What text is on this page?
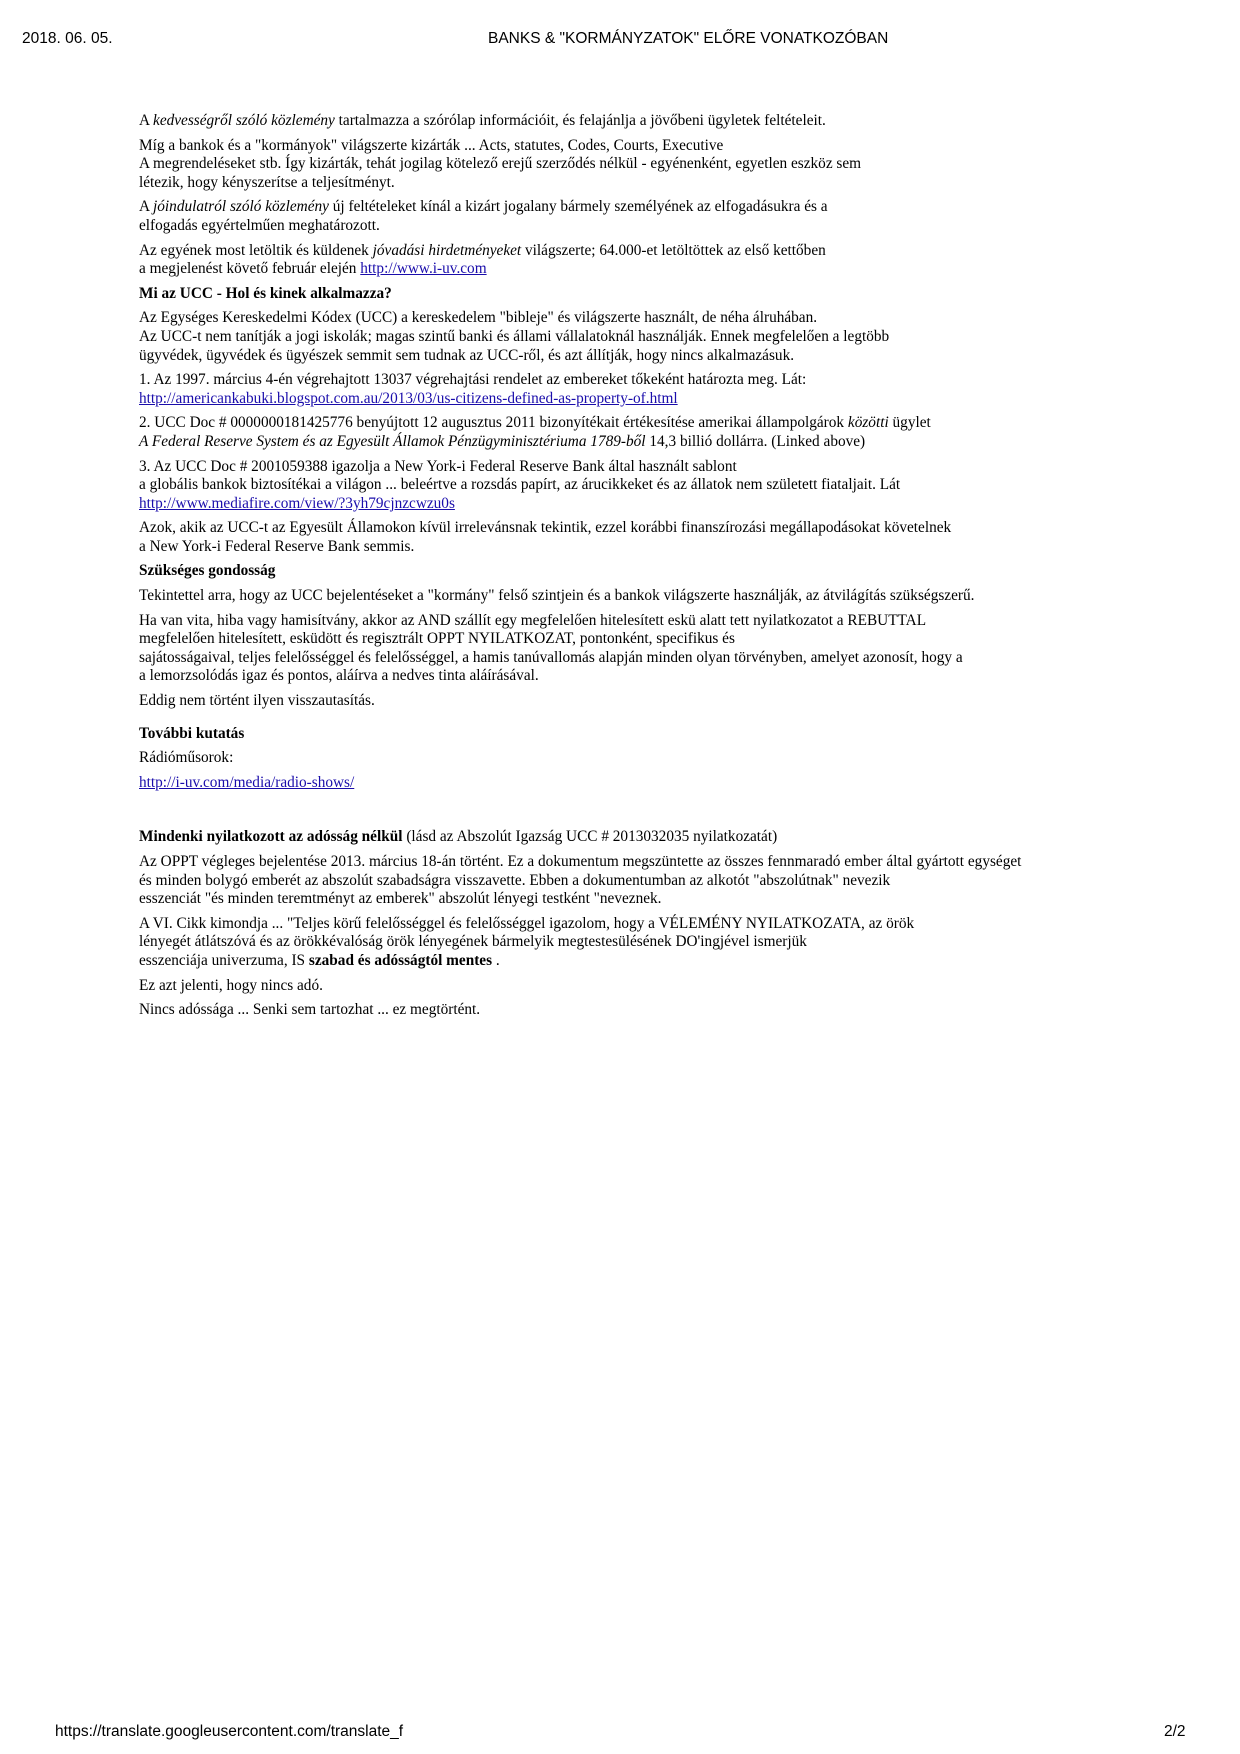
2018. 06. 05.	BANKS & "KORMÁNYZATOK" ELŐRE VONATKOZÓBAN

A kedvességről szóló közlemény tartalmazza a szórólap információit, és felajánlja a jövőbeni ügyletek feltételeit.

Míg a bankok és a "kormányok" világszerte kizárták ... Acts, statutes, Codes, Courts, Executive
A megrendeléseket stb. Így kizárták, tehát jogilag kötelező erejű szerződés nélkül - egyénenként, egyetlen eszköz sem
létezik, hogy kényszerítse a teljesítményt.

A jóindulatról szóló közlemény új feltételeket kínál a kizárt jogalany bármely személyének az elfogadásukra és a
elfogadás egyértelműen meghatározott.

Az egyének most letöltik és küldenek jóvadási hirdetményeket világszerte; 64.000-et letöltöttek az első kettőben
a megjelenést követő február elején http://www.i-uv.com

Mi az UCC - Hol és kinek alkalmazza?

Az Egységes Kereskedelmi Kódex (UCC) a kereskedelem "bibleje" és világszerte használt, de néha álruhában.
Az UCC-t nem tanítják a jogi iskolák; magas szintű banki és állami vállalatoknál használják. Ennek megfelelően a legtöbb
ügyvédek, ügyvédek és ügyészek semmit sem tudnak az UCC-ről, és azt állítják, hogy nincs alkalmazásuk.

1. Az 1997. március 4-én végrehajtott 13037 végrehajtási rendelet az embereket tőkeként határozta meg. Lát:
http://americankabuki.blogspot.com.au/2013/03/us-citizens-defined-as-property-of.html

2. UCC Doc # 0000000181425776 benyújtott 12 augusztus 2011 bizonyítékait értékesítése amerikai állampolgárok közötti ügylet
A Federal Reserve System és az Egyesült Államok Pénzügyminisztériuma 1789-ből 14,3 billió dollárra. (Linked above)

3. Az UCC Doc # 2001059388 igazolja a New York-i Federal Reserve Bank által használt sablont
a globális bankok biztosítékai a világon ... beleértve a rozsdás papírt, az árucikkeket és az állatok nem született fiataljait. Lát
http://www.mediafire.com/view/?3yh79cjnzcwzu0s

Azok, akik az UCC-t az Egyesült Államokon kívül irrelevánsnak tekintik, ezzel korábbi finanszírozási megállapodásokat követelnek
a New York-i Federal Reserve Bank semmis.

Szükséges gondosság

Tekintettel arra, hogy az UCC bejelentéseket a "kormány" felső szintjein és a bankok világszerte használják, az átvilágítás szükségszerű.

Ha van vita, hiba vagy hamisítvány, akkor az AND szállít egy megfelelően hitelesített eskü alatt tett nyilatkozatot a REBUTTAL
megfelelően hitelesített, esküdött és regisztrált OPPT NYILATKOZAT, pontonként, specifikus és
sajátosságaival, teljes felelősséggel és felelősséggel, a hamis tanúvallomás alapján minden olyan törvényben, amelyet azonosít, hogy a
a lemorzsolódás igaz és pontos, aláírva a nedves tinta aláírásával.

Eddig nem történt ilyen visszautasítás.

További kutatás

Rádióműsorok:

http://i-uv.com/media/radio-shows/

Mindenki nyilatkozott az adósság nélkül (lásd az Abszolút Igazság UCC # 2013032035 nyilatkozatát)

Az OPPT végleges bejelentése 2013. március 18-án történt. Ez a dokumentum megszüntette az összes fennmaradó ember által gyártott egységet
és minden bolygó emberét az abszolút szabadságra visszavette. Ebben a dokumentumban az alkotót "abszolútnak" nevezik
esszenciát "és minden teremtményt az emberek" abszolút lényegi testként "neveznek.

A VI. Cikk kimondja ... "Teljes körű felelősséggel és felelősséggel igazolom, hogy a VÉLEMÉNY NYILATKOZATA, az örök
lényegét átlátszóvá és az örökkévalóság örök lényegének bármelyik megtestesülésének DO'ingjével ismerjük
esszenciája univerzuma, IS szabad és adósságtól mentes .

Ez azt jelenti, hogy nincs adó.

Nincs adóssága ... Senki sem tartozhat ... ez megtörtént.

https://translate.googleusercontent.com/translate_f	2/2
